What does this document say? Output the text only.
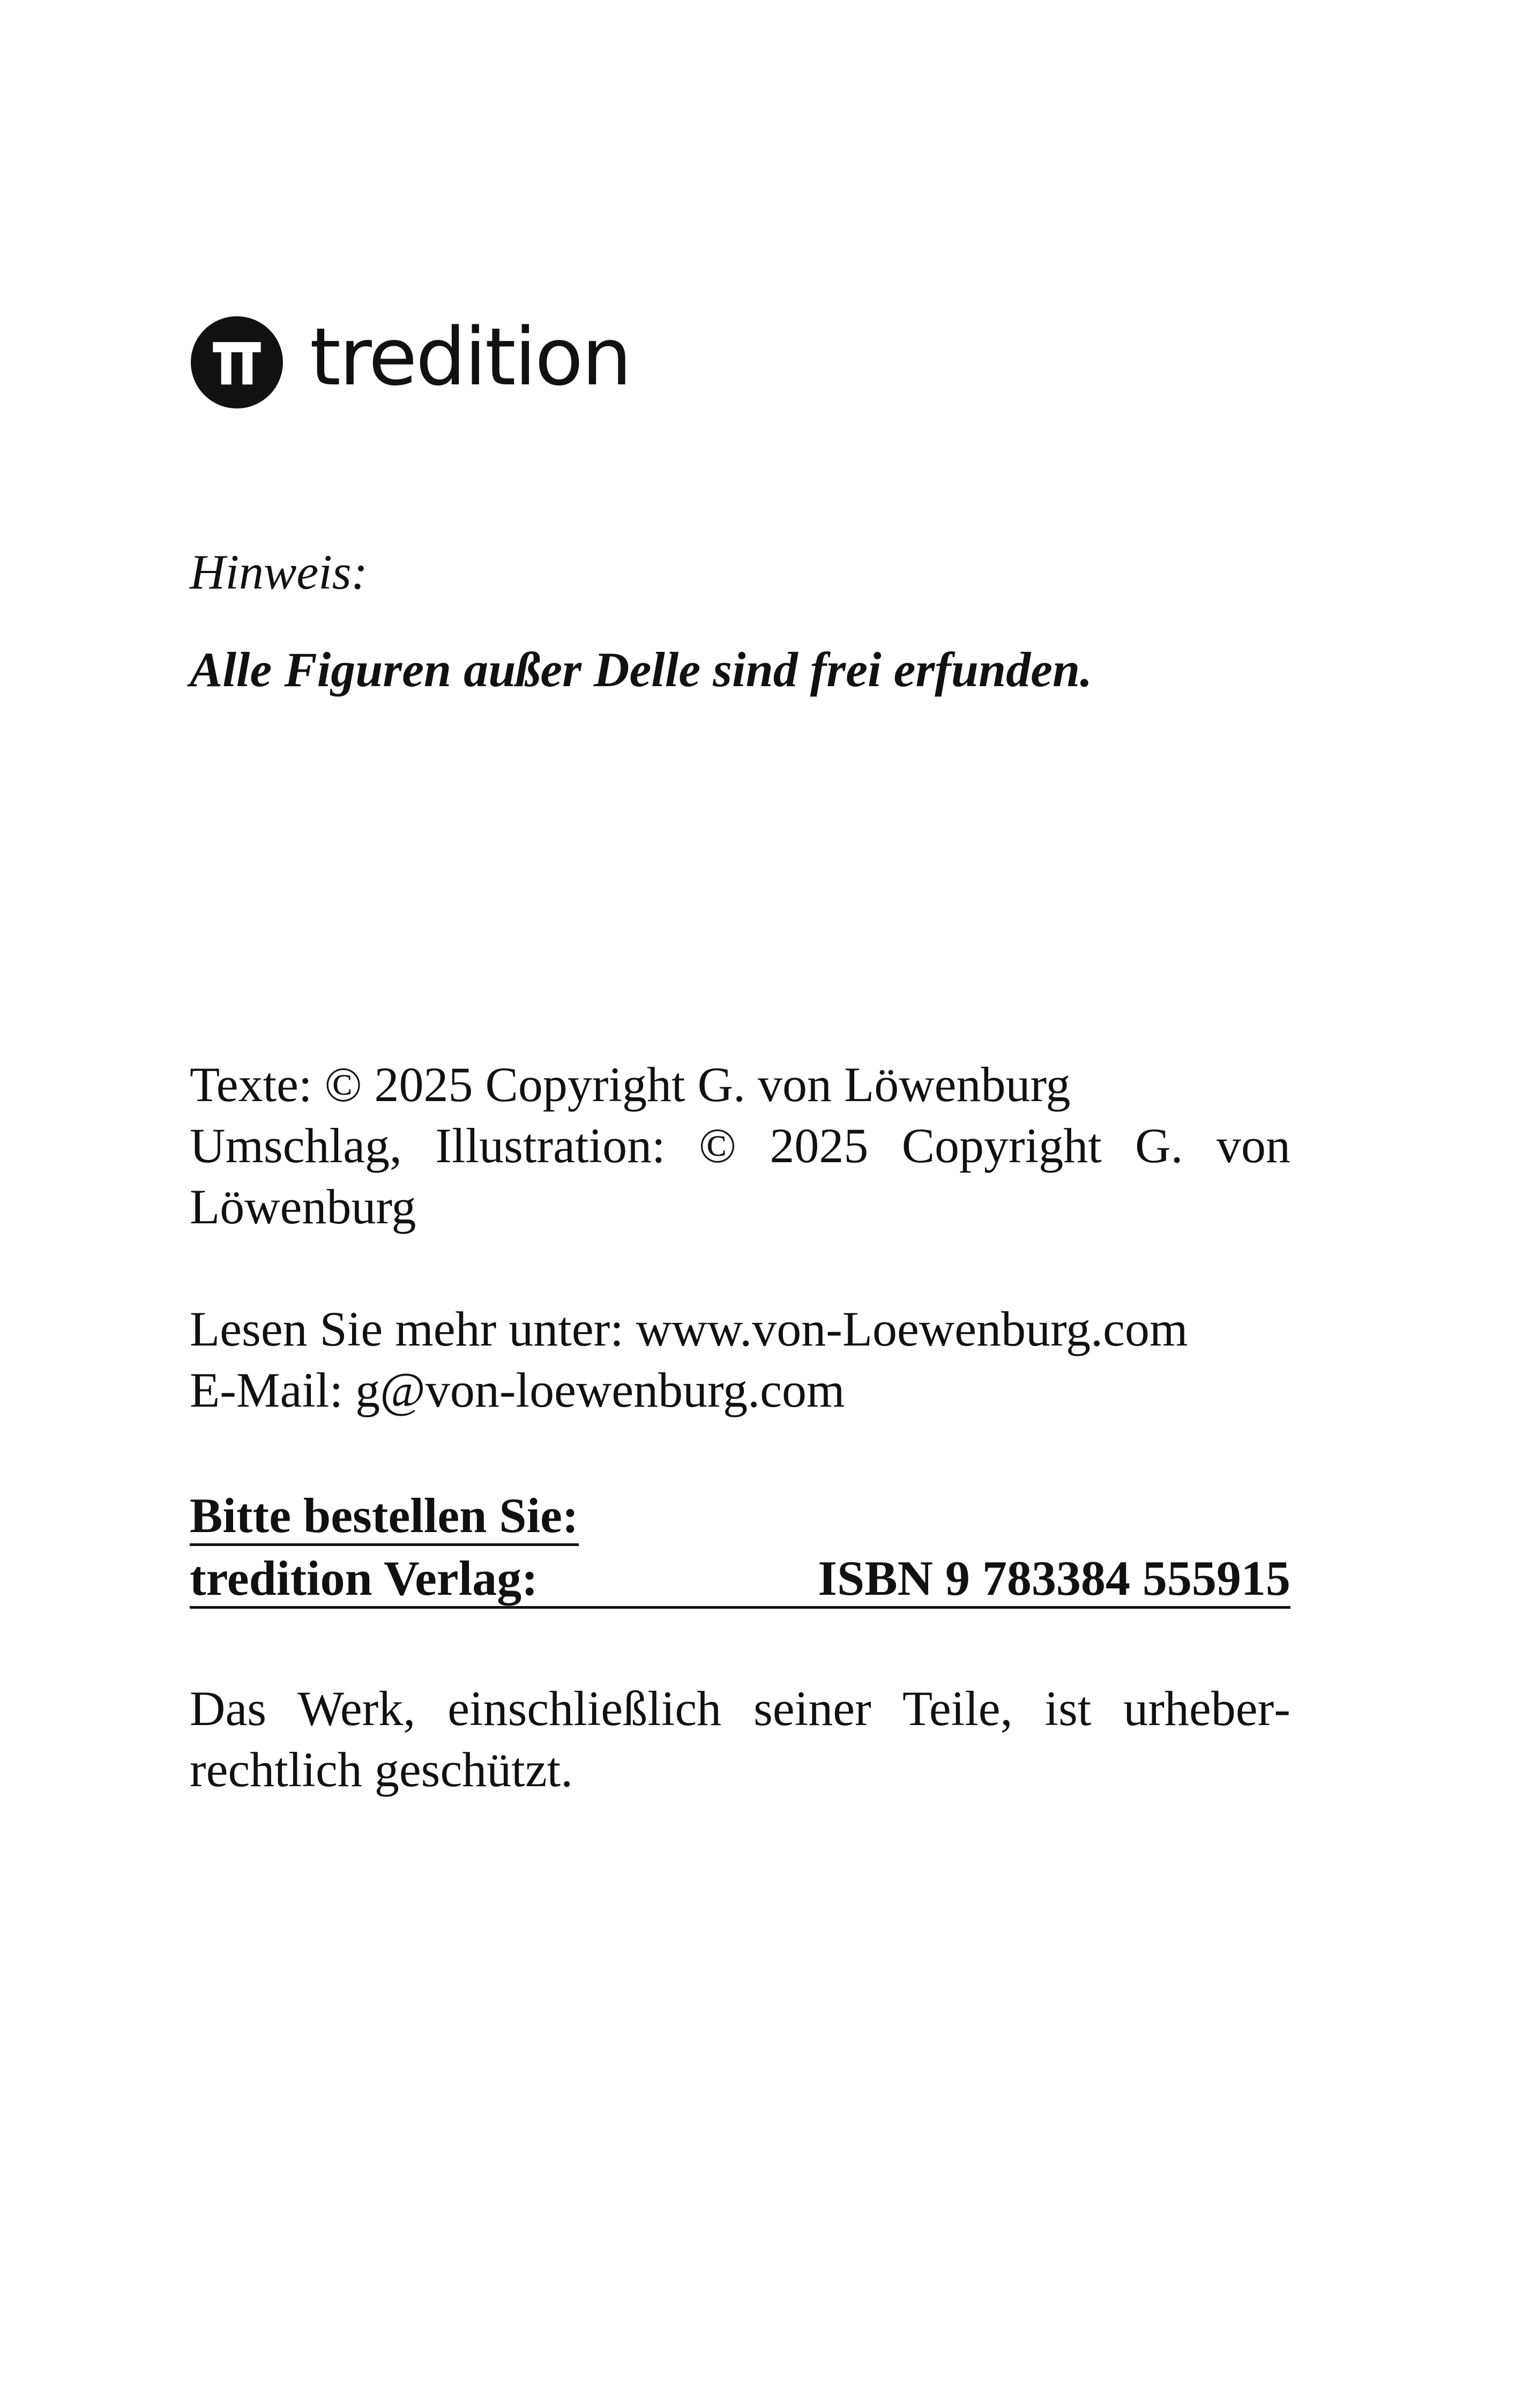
tredition

Hinweis:

Alle Figuren außer Delle sind frei erfunden.

Texte: © 2025 Copyright G. von Löwenburg
Umschlag, Illustration: © 2025 Copyright G. von Löwenburg
Lesen Sie mehr unter: www.von-Loewenburg.com
E-Mail: g@von-loewenburg.com
Bitte bestellen Sie:
tredition Verlag:	ISBN 9 783384 555915

Das Werk, einschließlich seiner Teile, ist urheberrechtlich geschützt.
